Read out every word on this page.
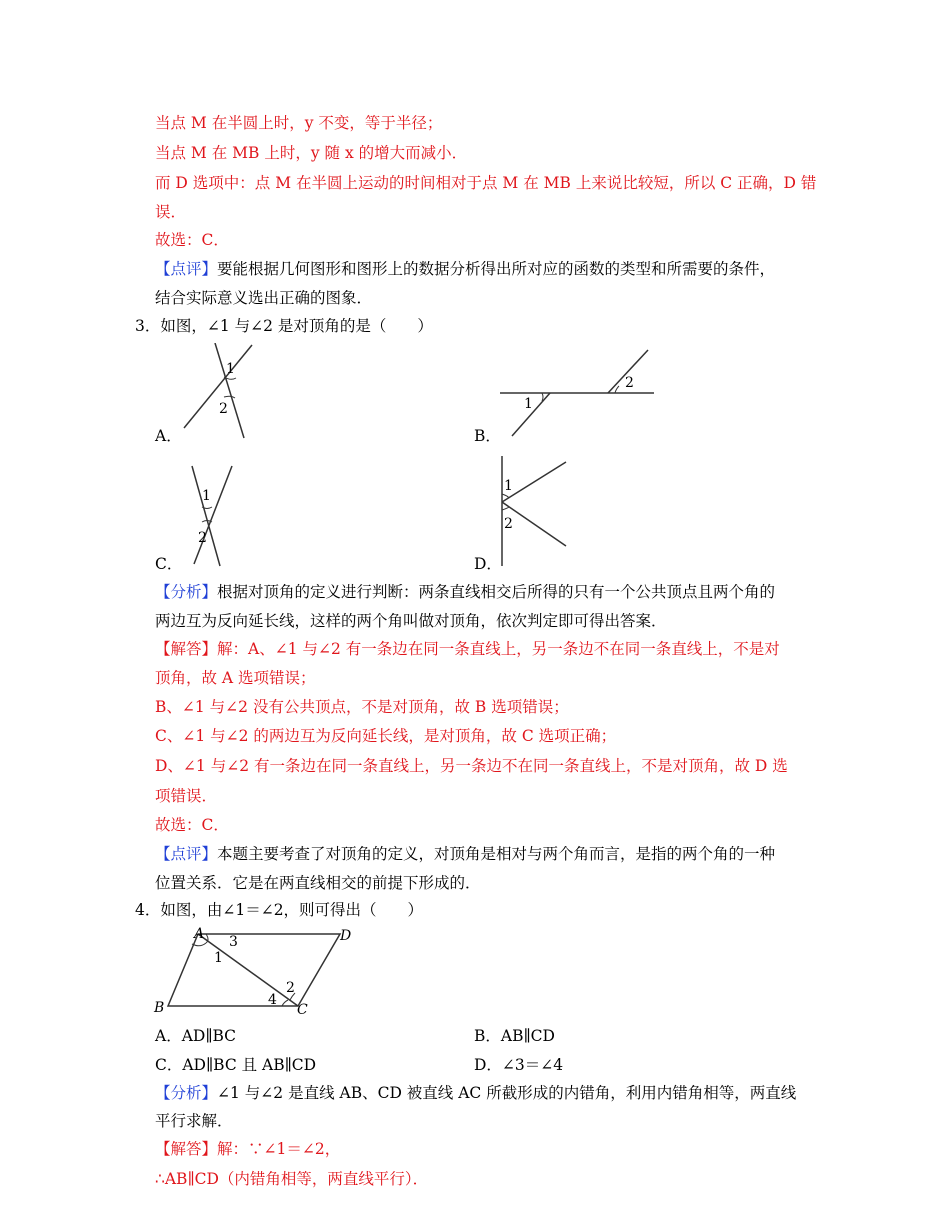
当点 M 在半圆上时，y 不变，等于半径；
当点 M 在 MB 上时，y 随 x 的增大而减小．
而 D 选项中：点 M 在半圆上运动的时间相对于点 M 在 MB 上来说比较短，所以 C 正确，D 错
误．
故选：C．
【点评】要能根据几何图形和图形上的数据分析得出所对应的函数的类型和所需要的条件，
结合实际意义选出正确的图象．
3．如图，∠1 与∠2 是对顶角的是（　　）
1
2
A．
1
2
B．
1
2
C．
1
2
D．
【分析】根据对顶角的定义进行判断：两条直线相交后所得的只有一个公共顶点且两个角的
两边互为反向延长线，这样的两个角叫做对顶角，依次判定即可得出答案．
【解答】解：A、∠1 与∠2 有一条边在同一条直线上，另一条边不在同一条直线上，不是对
顶角，故 A 选项错误；
B、∠1 与∠2 没有公共顶点，不是对顶角，故 B 选项错误；
C、∠1 与∠2 的两边互为反向延长线，是对顶角，故 C 选项正确；
D、∠1 与∠2 有一条边在同一条直线上，另一条边不在同一条直线上，不是对顶角，故 D 选
项错误．
故选：C．
【点评】本题主要考查了对顶角的定义，对顶角是相对与两个角而言，是指的两个角的一种
位置关系．它是在两直线相交的前提下形成的．
4．如图，由∠1＝∠2，则可得出（　　）
A	D
B	C
3
1
2
4
A．AD∥BC	B．AB∥CD
C．AD∥BC 且 AB∥CD	D．∠3＝∠4
【分析】∠1 与∠2 是直线 AB、CD 被直线 AC 所截形成的内错角，利用内错角相等，两直线
平行求解．
【解答】解：∵∠1＝∠2，
∴AB∥CD（内错角相等，两直线平行）．
